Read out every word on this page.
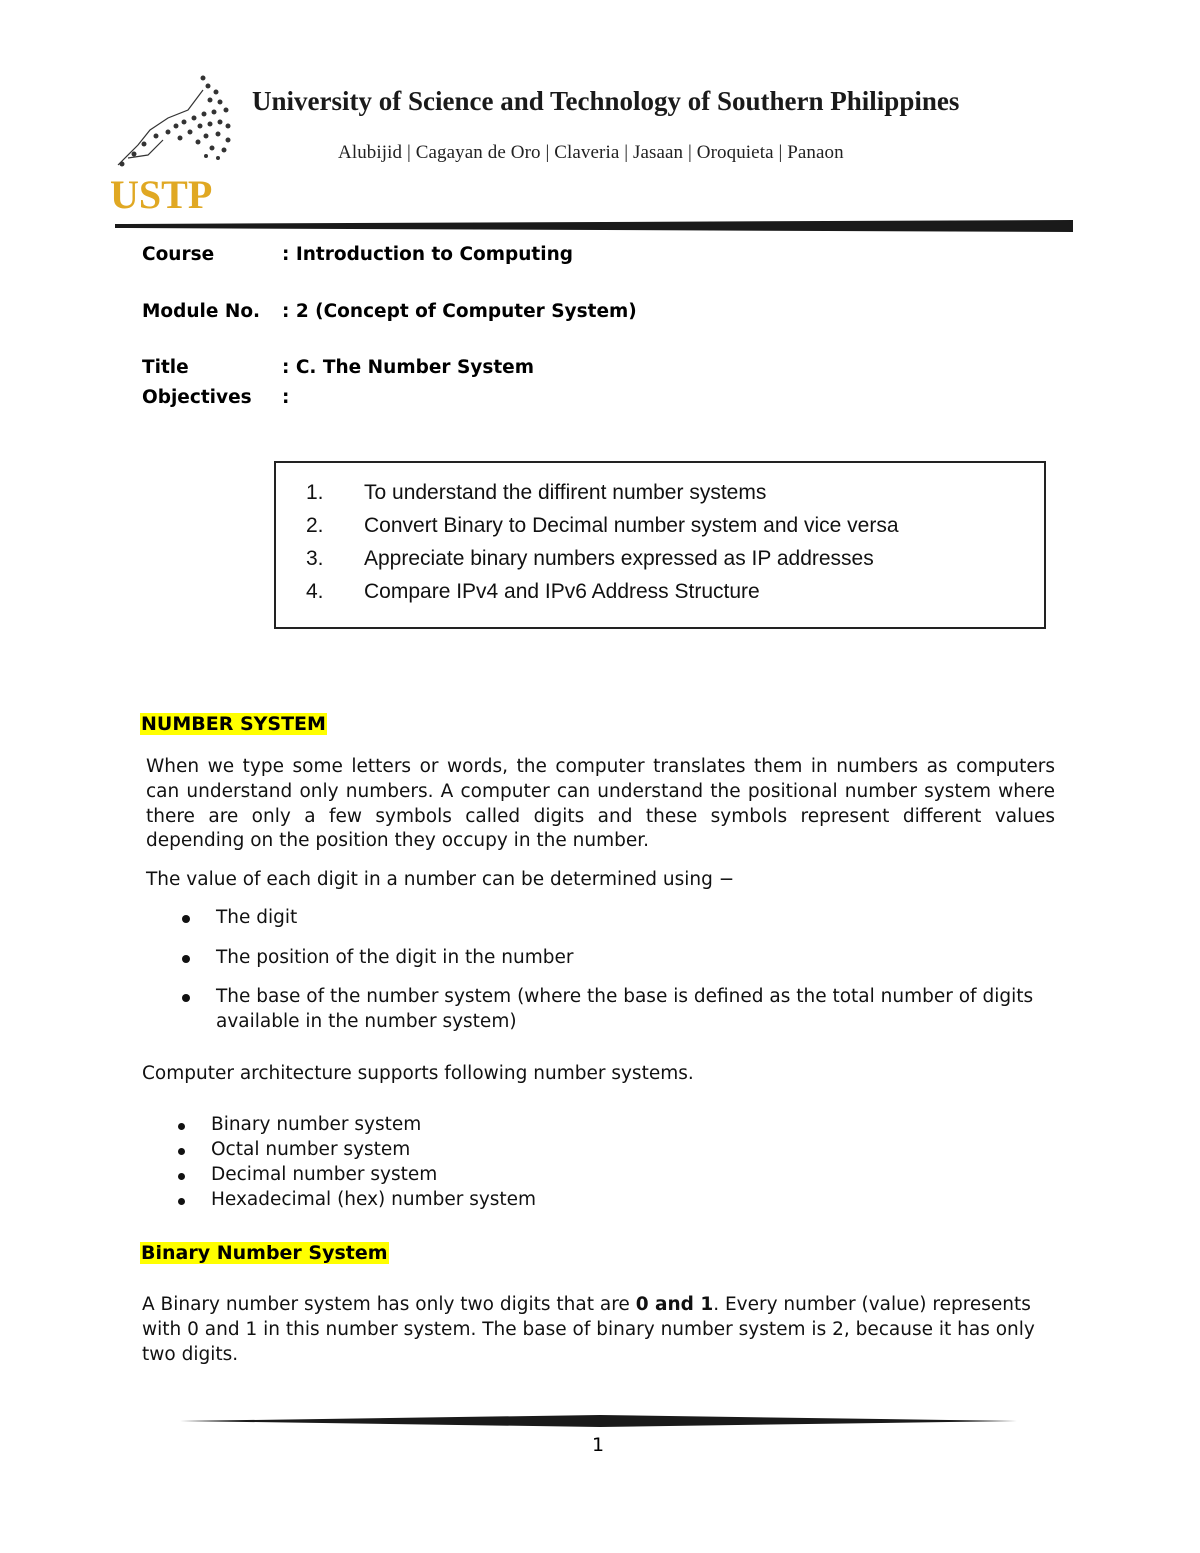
USTP
University of Science and Technology of Southern Philippines
Alubijid | Cagayan de Oro | Claveria | Jasaan | Oroquieta | Panaon
Course	: Introduction to Computing
Module No. : 2 (Concept of Computer System)
Title	: C. The Number System
Objectives :
1.	To understand the diffirent number systems
2.	Convert Binary to Decimal number system and vice versa
3.	Appreciate binary numbers expressed as IP addresses
4.	Compare IPv4 and IPv6 Address Structure
NUMBER SYSTEM
When we type some letters or words, the computer translates them in numbers as computers can understand only numbers. A computer can understand the positional number system where there are only a few symbols called digits and these symbols represent different values depending on the position they occupy in the number.
The value of each digit in a number can be determined using −
The digit
The position of the digit in the number
The base of the number system (where the base is defined as the total number of digits
available in the number system)
Computer architecture supports following number systems.
Binary number system
Octal number system
Decimal number system
Hexadecimal (hex) number system
Binary Number System
A Binary number system has only two digits that are 0 and 1. Every number (value) represents
with 0 and 1 in this number system. The base of binary number system is 2, because it has only
two digits.
1
